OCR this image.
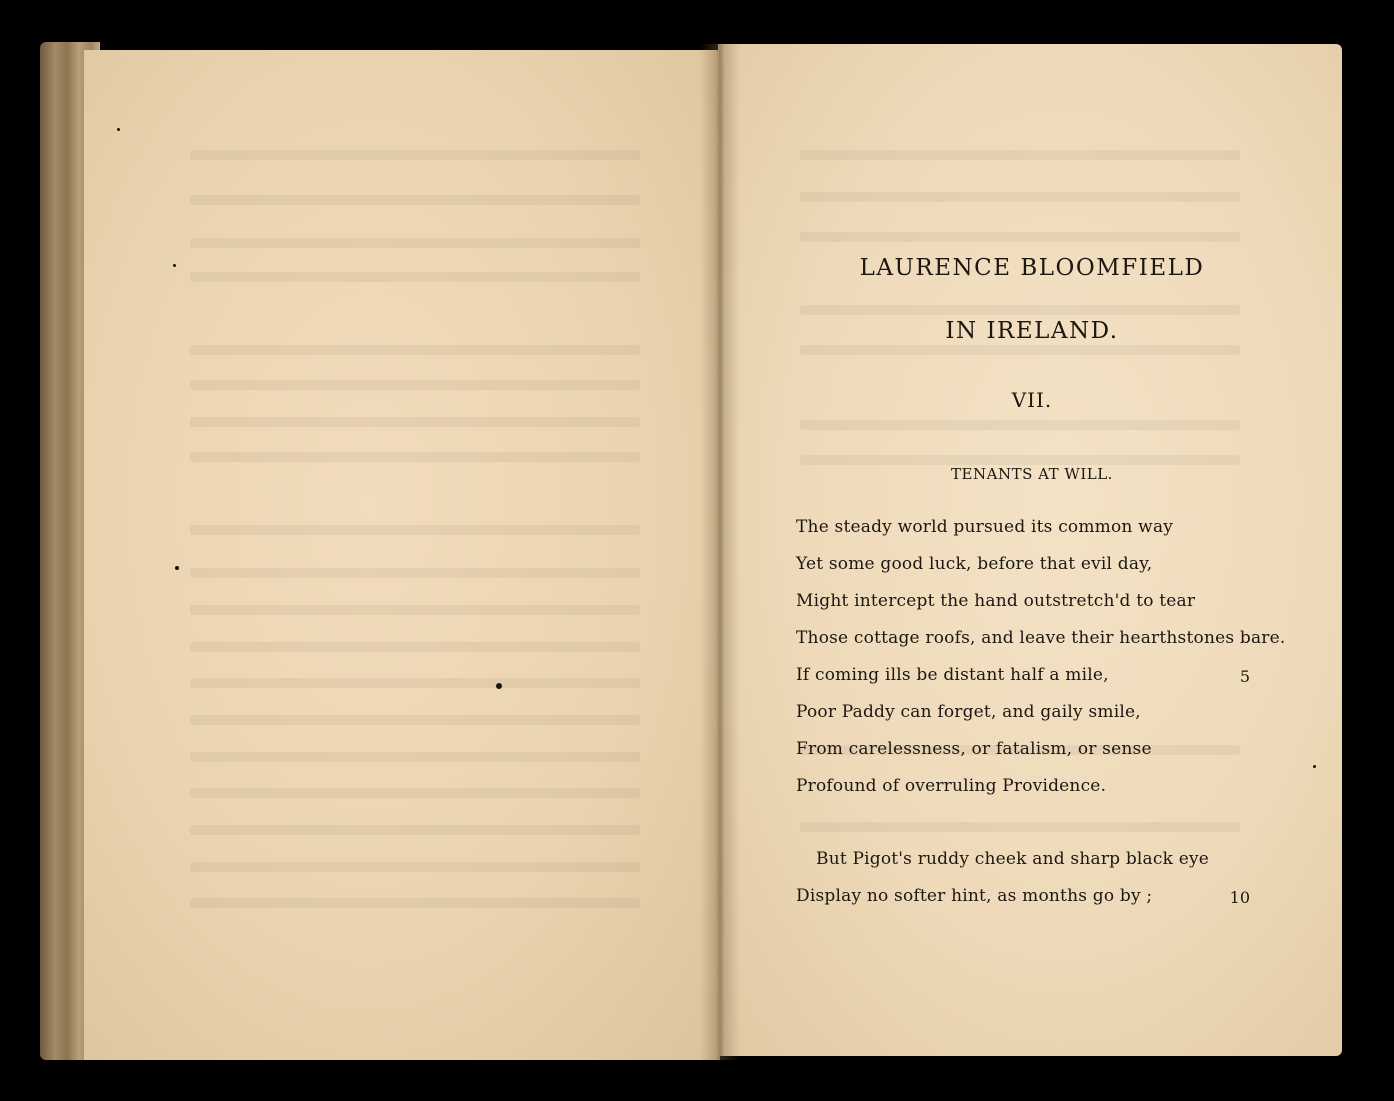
LAURENCE BLOOMFIELD
IN IRELAND.
VII.
TENANTS AT WILL.
The steady world pursued its common way
Yet some good luck, before that evil day,
Might intercept the hand outstretch'd to tear
Those cottage roofs, and leave their hearthstones bare.
If coming ills be distant half a mile,	5
Poor Paddy can forget, and gaily smile,
From carelessness, or fatalism, or sense
Profound of overruling Providence.
But Pigot's ruddy cheek and sharp black eye
Display no softer hint, as months go by ;	10
